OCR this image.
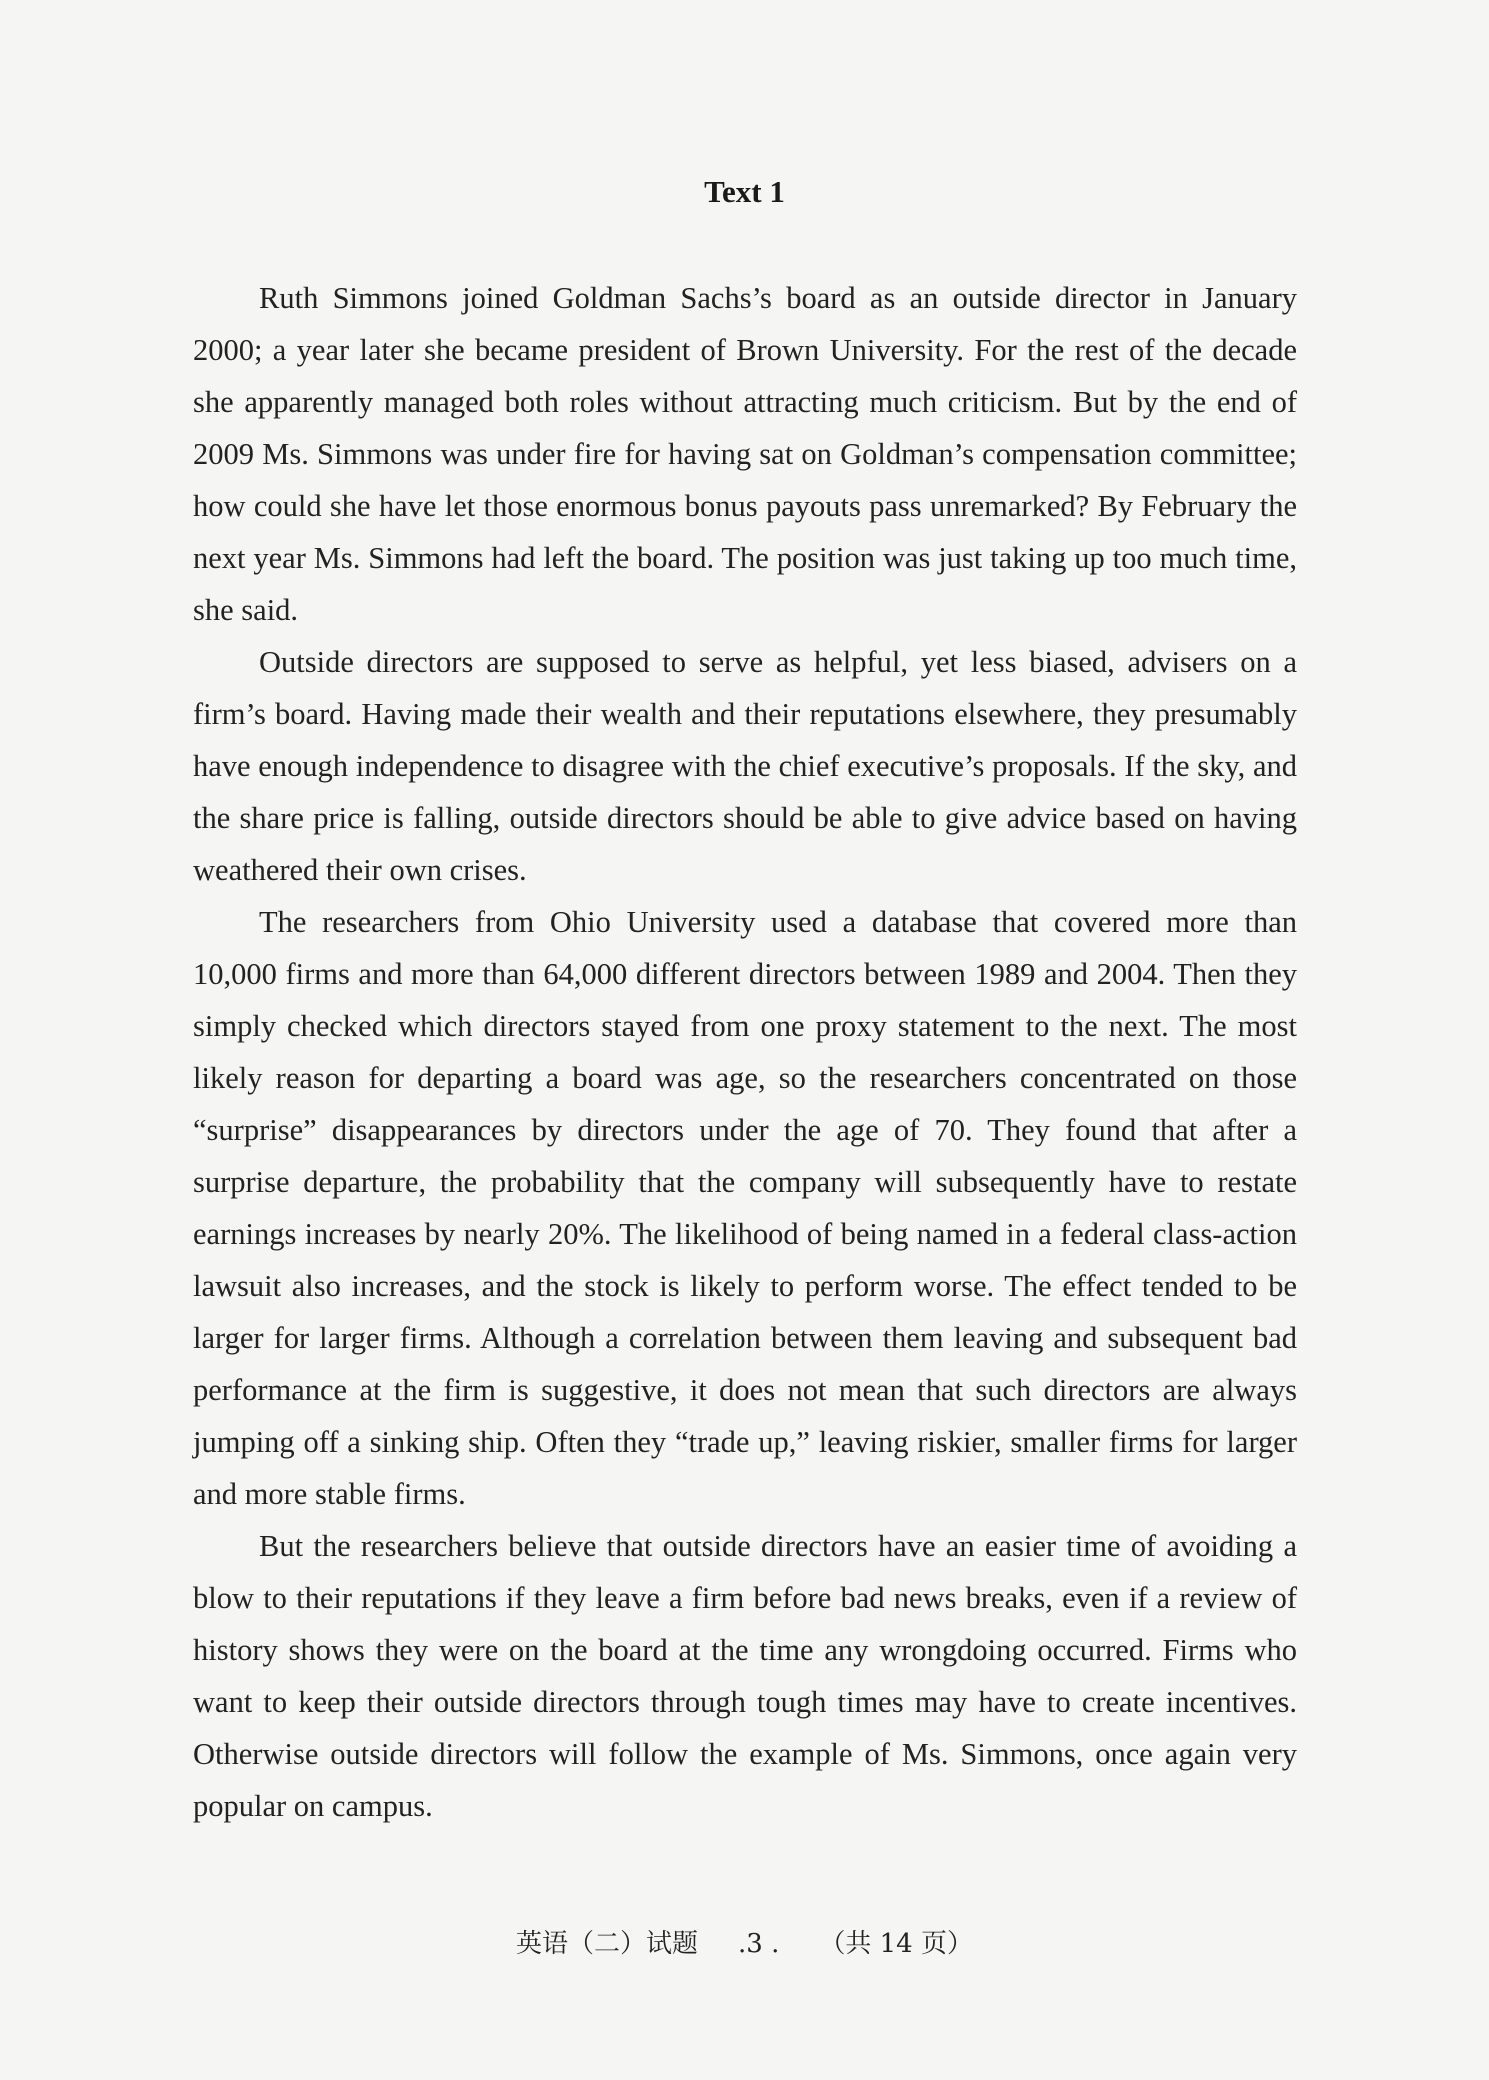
Text 1

Ruth Simmons joined Goldman Sachs’s board as an outside director in January 2000; a year later she became president of Brown University. For the rest of the decade she apparently managed both roles without attracting much criticism. But by the end of 2009 Ms. Simmons was under fire for having sat on Goldman’s compensation committee; how could she have let those enormous bonus payouts pass unremarked? By February the next year Ms. Simmons had left the board. The position was just taking up too much time, she said.

Outside directors are supposed to serve as helpful, yet less biased, advisers on a firm’s board. Having made their wealth and their reputations elsewhere, they presumably have enough independence to disagree with the chief executive’s proposals. If the sky, and the share price is falling, outside directors should be able to give advice based on having weathered their own crises.

The researchers from Ohio University used a database that covered more than 10,000 firms and more than 64,000 different directors between 1989 and 2004. Then they simply checked which directors stayed from one proxy statement to the next. The most likely reason for departing a board was age, so the researchers concentrated on those “surprise” disappearances by directors under the age of 70. They found that after a surprise departure, the probability that the company will subsequently have to restate earnings increases by nearly 20%. The likelihood of being named in a federal class-action lawsuit also increases, and the stock is likely to perform worse. The effect tended to be larger for larger firms. Although a correlation between them leaving and subsequent bad performance at the firm is suggestive, it does not mean that such directors are always jumping off a sinking ship. Often they “trade up,” leaving riskier, smaller firms for larger and more stable firms.

But the researchers believe that outside directors have an easier time of avoiding a blow to their reputations if they leave a firm before bad news breaks, even if a review of history shows they were on the board at the time any wrongdoing occurred. Firms who want to keep their outside directors through tough times may have to create incentives. Otherwise outside directors will follow the example of Ms. Simmons, once again very popular on campus.

英语（二）试题 .3 . （共 14 页）
